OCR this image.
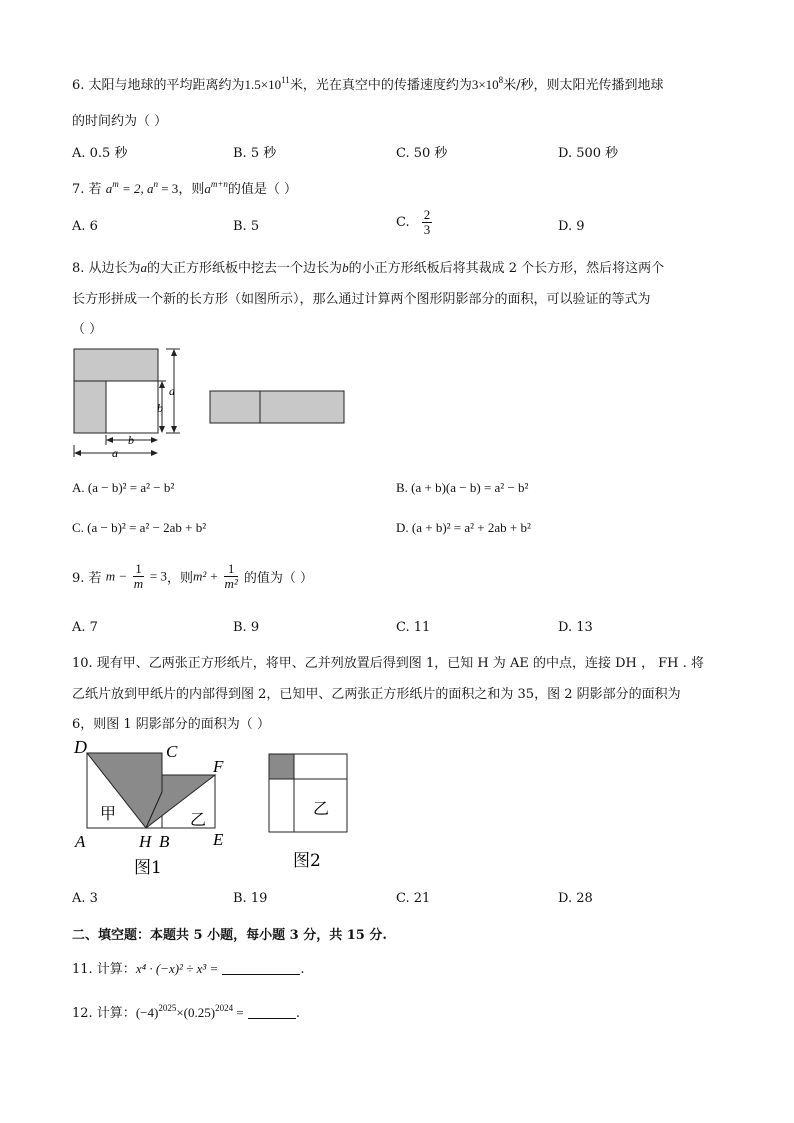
6. 太阳与地球的平均距离约为$1.5\times 10^{11}$米，光在真空中的传播速度约为$3\times 10^8$米/秒，则太阳光传播到地球
的时间约为（ ）
A. 0.5 秒	B. 5 秒	C. 50 秒	D. 500 秒
7. 若 $a^m = 2$, $a^n = 3$，则$a^{m+n}$的值是（ ）
A. 6	B. 5	C. $\frac{2}{3}$	D. 9
8. 从边长为a的大正方形纸板中挖去一个边长为b的小正方形纸板后将其裁成 2 个长方形，然后将这两个
长方形拼成一个新的长方形（如图所示），那么通过计算两个图形阴影部分的面积，可以验证的等式为
（ ）
a
b
b
a
A. (a − b)² = a² − b²	B. (a + b)(a − b) = a² − b²
C. (a − b)² = a² − 2ab + b²	D. (a + b)² = a² + 2ab + b²
9. 若 $m - \frac{1}{m} = 3$，则$m^2 + \frac{1}{\text{m²}}$ 的值为（ ）
A. 7	B. 9	C. 11	D. 13
10. 现有甲、乙两张正方形纸片，将甲、乙并列放置后得到图 1，已知 H 为 AE 的中点，连接 DH ， FH . 将
乙纸片放到甲纸片的内部得到图 2，已知甲、乙两张正方形纸片的面积之和为 35，图 2 阴影部分的面积为
6，则图 1 阴影部分的面积为（ ）
D	C
F
A	H B	E
甲	乙
图1
乙
图2
A. 3	B. 19	C. 21	D. 28
二、填空题：本题共 5 小题，每小题 3 分，共 15 分.
11. 计算：x⁴ · (−x)² ÷ x³ =	.
12. 计算：$(-4)^{2025}\times(0.25)^{2024}$ =	.
